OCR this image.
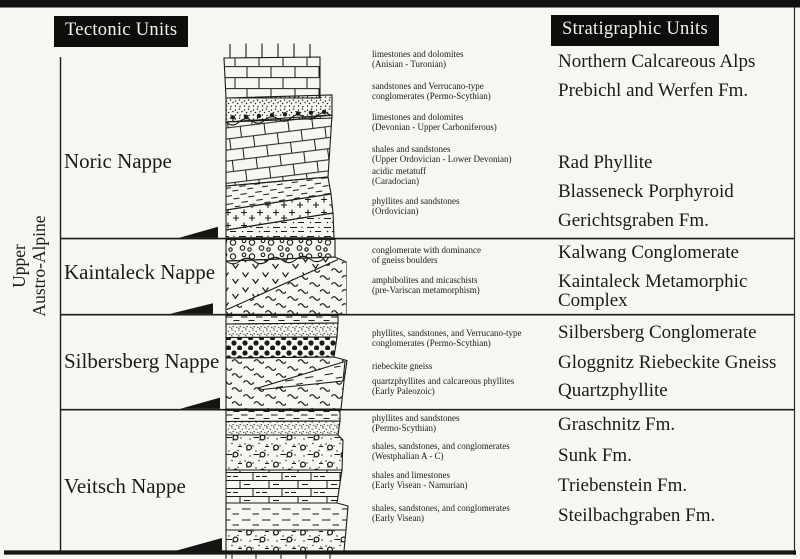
Tectonic Units	Stratigraphic Units
Upper Austro-Alpine
Noric Nappe
Kaintaleck Nappe
Silbersberg Nappe
Veitsch Nappe
limestones and dolomites
(Anisian - Turonian)
sandstones and Verrucano-type
conglomerates (Permo-Scythian)
limestones and dolomites
(Devonian - Upper Carboniferous)
shales and sandstones
(Upper Ordovician - Lower Devonian)
acidic metatuff
(Caradocian)
phyllites and sandstones
(Ordovician)
conglomerate with dominance
of gneiss boulders
amphibolites and micaschists
(pre-Variscan metamorphism)
phyllites, sandstones, and Verrucano-type
conglomerates (Permo-Scythian)
riebeckite gneiss
quartzphyllites and calcareous phyllites
(Early Paleozoic)
phyllites and sandstones
(Permo-Scythian)
shales, sandstones, and conglomerates
(Westphalian A - C)
shales and limestones
(Early Visean - Namurian)
shales, sandstones, and conglomerates
(Early Visean)
Northern Calcareous Alps
Prebichl and Werfen Fm.
Rad Phyllite
Blasseneck Porphyroid
Gerichtsgraben Fm.
Kalwang Conglomerate
Kaintaleck Metamorphic Complex
Silbersberg Conglomerate
Gloggnitz Riebeckite Gneiss
Quartzphyllite
Graschnitz Fm.
Sunk Fm.
Triebenstein Fm.
Steilbachgraben Fm.
